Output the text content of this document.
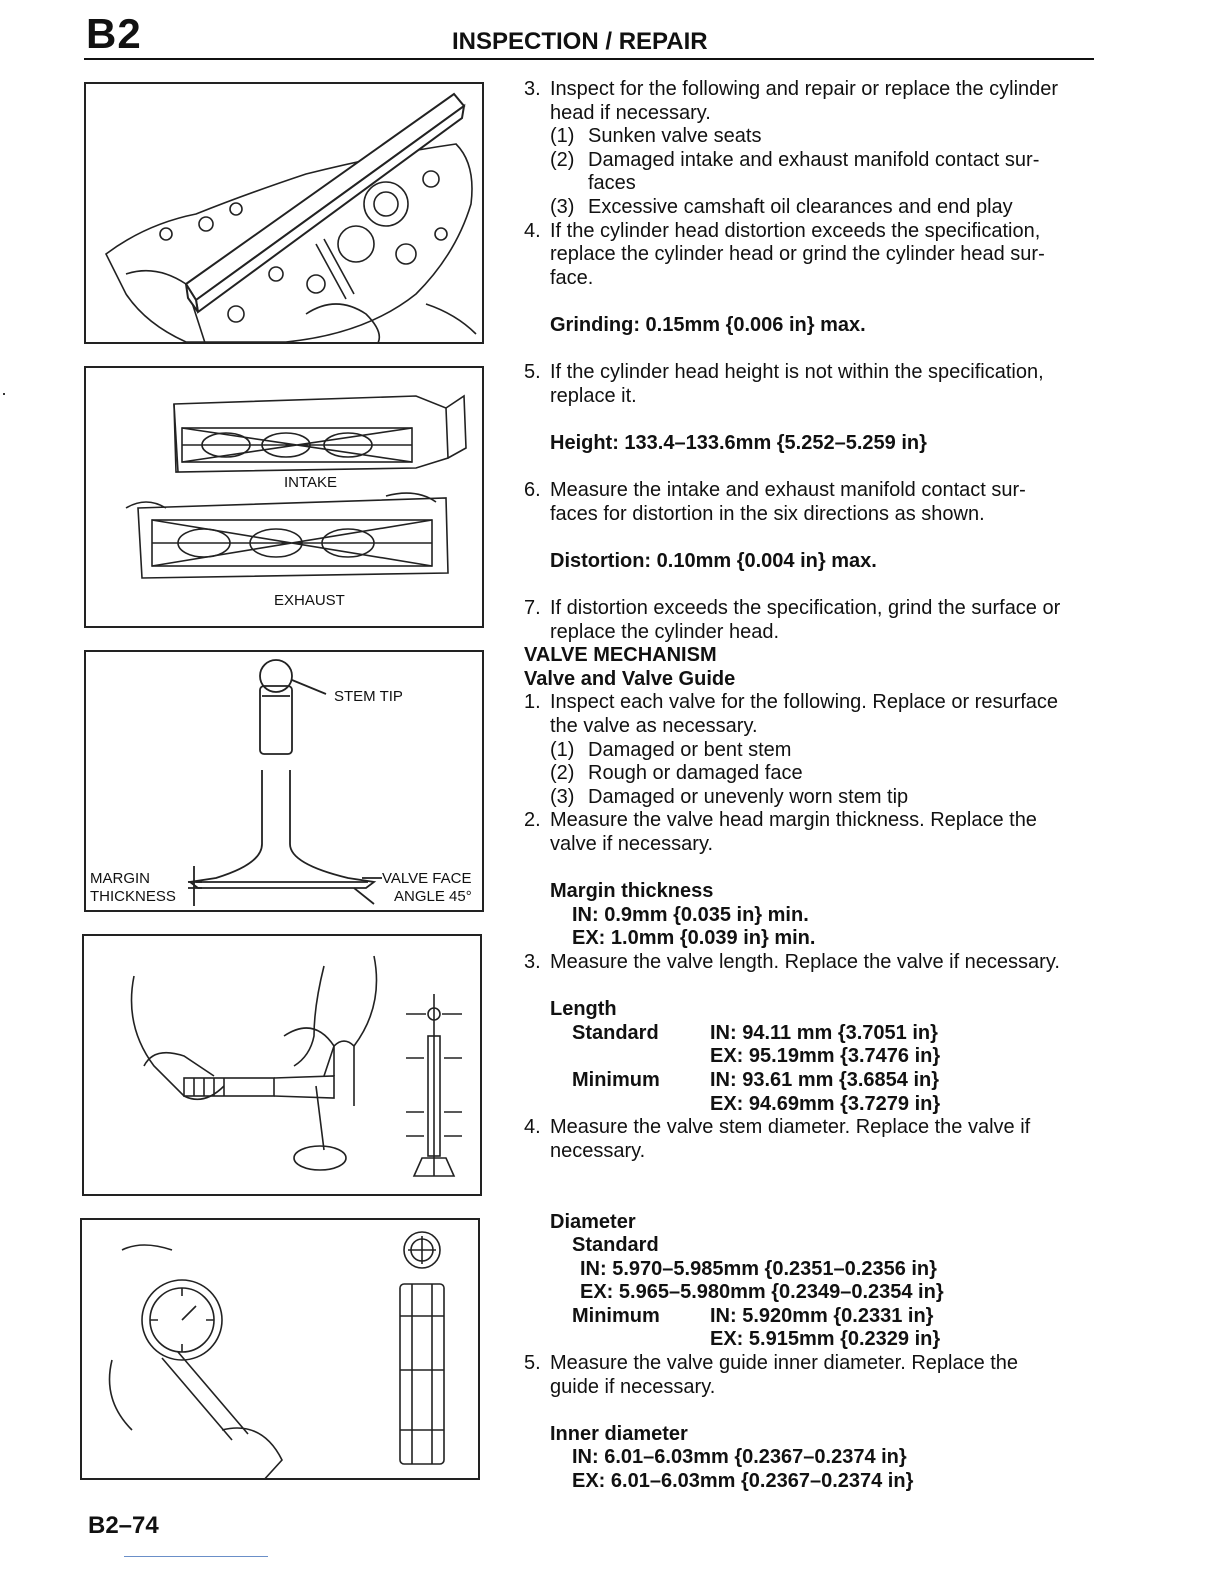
B2	INSPECTION / REPAIR
INTAKE
EXHAUST
STEM TIP
MARGIN
THICKNESS
VALVE FACE
ANGLE 45°
3. Inspect for the following and repair or replace the cylinder
head if necessary.
(1) Sunken valve seats
(2) Damaged intake and exhaust manifold contact sur-
faces
(3) Excessive camshaft oil clearances and end play
4. If the cylinder head distortion exceeds the specification,
replace the cylinder head or grind the cylinder head sur-
face.
Grinding: 0.15mm {0.006 in} max.
5. If the cylinder head height is not within the specification,
replace it.
Height: 133.4–133.6mm {5.252–5.259 in}
6. Measure the intake and exhaust manifold contact sur-
faces for distortion in the six directions as shown.
Distortion: 0.10mm {0.004 in} max.
7. If distortion exceeds the specification, grind the surface or
replace the cylinder head.
VALVE MECHANISM
Valve and Valve Guide
1. Inspect each valve for the following. Replace or resurface
the valve as necessary.
(1) Damaged or bent stem
(2) Rough or damaged face
(3) Damaged or unevenly worn stem tip
2. Measure the valve head margin thickness. Replace the
valve if necessary.
Margin thickness
IN: 0.9mm {0.035 in} min.
EX: 1.0mm {0.039 in} min.
3. Measure the valve length. Replace the valve if necessary.
Length
Standard	IN: 94.11 mm {3.7051 in}
EX: 95.19mm {3.7476 in}
Minimum	IN: 93.61 mm {3.6854 in}
EX: 94.69mm {3.7279 in}
4. Measure the valve stem diameter. Replace the valve if
necessary.
Diameter
Standard
IN: 5.970–5.985mm {0.2351–0.2356 in}
EX: 5.965–5.980mm {0.2349–0.2354 in}
Minimum	IN: 5.920mm {0.2331 in}
EX: 5.915mm {0.2329 in}
5. Measure the valve guide inner diameter. Replace the
guide if necessary.
Inner diameter
IN: 6.01–6.03mm {0.2367–0.2374 in}
EX: 6.01–6.03mm {0.2367–0.2374 in}
B2–74
